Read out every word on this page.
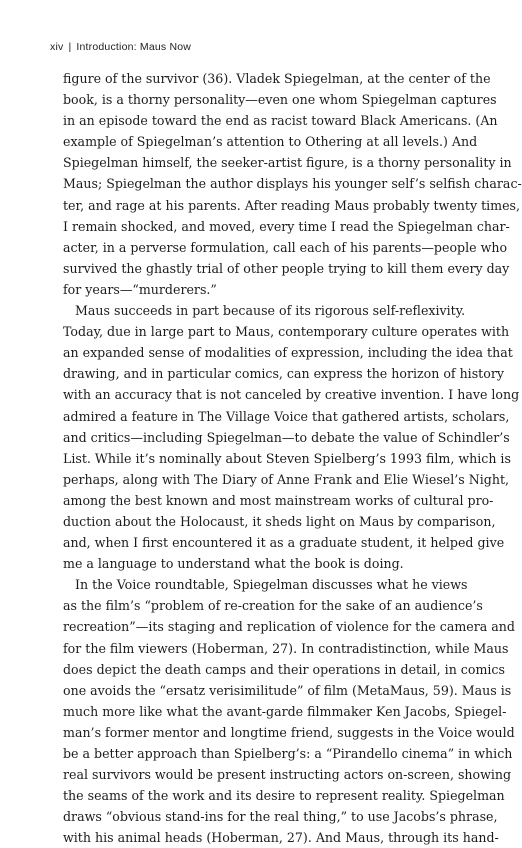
xiv | Introduction: Maus Now
figure of the survivor (36). Vladek Spiegelman, at the center of the
book, is a thorny personality—even one whom Spiegelman captures
in an episode toward the end as racist toward Black Americans. (An
example of Spiegelman’s attention to Othering at all levels.) And
Spiegelman himself, the seeker-artist figure, is a thorny personality in
Maus; Spiegelman the author displays his younger self’s selfish charac-
ter, and rage at his parents. After reading Maus probably twenty times,
I remain shocked, and moved, every time I read the Spiegelman char-
acter, in a perverse formulation, call each of his parents—people who
survived the ghastly trial of other people trying to kill them every day
for years—“murderers.”
Maus succeeds in part because of its rigorous self-reflexivity.
Today, due in large part to Maus, contemporary culture operates with
an expanded sense of modalities of expression, including the idea that
drawing, and in particular comics, can express the horizon of history
with an accuracy that is not canceled by creative invention. I have long
admired a feature in The Village Voice that gathered artists, scholars,
and critics—including Spiegelman—to debate the value of Schindler’s
List. While it’s nominally about Steven Spielberg’s 1993 film, which is
perhaps, along with The Diary of Anne Frank and Elie Wiesel’s Night,
among the best known and most mainstream works of cultural pro-
duction about the Holocaust, it sheds light on Maus by comparison,
and, when I first encountered it as a graduate student, it helped give
me a language to understand what the book is doing.
In the Voice roundtable, Spiegelman discusses what he views
as the film’s “problem of re-creation for the sake of an audience’s
recreation”—its staging and replication of violence for the camera and
for the film viewers (Hoberman, 27). In contradistinction, while Maus
does depict the death camps and their operations in detail, in comics
one avoids the “ersatz verisimilitude” of film (MetaMaus, 59). Maus is
much more like what the avant-garde filmmaker Ken Jacobs, Spiegel-
man’s former mentor and longtime friend, suggests in the Voice would
be a better approach than Spielberg’s: a “Pirandello cinema” in which
real survivors would be present instructing actors on-screen, showing
the seams of the work and its desire to represent reality. Spiegelman
draws “obvious stand-ins for the real thing,” to use Jacobs’s phrase,
with his animal heads (Hoberman, 27). And Maus, through its hand-
